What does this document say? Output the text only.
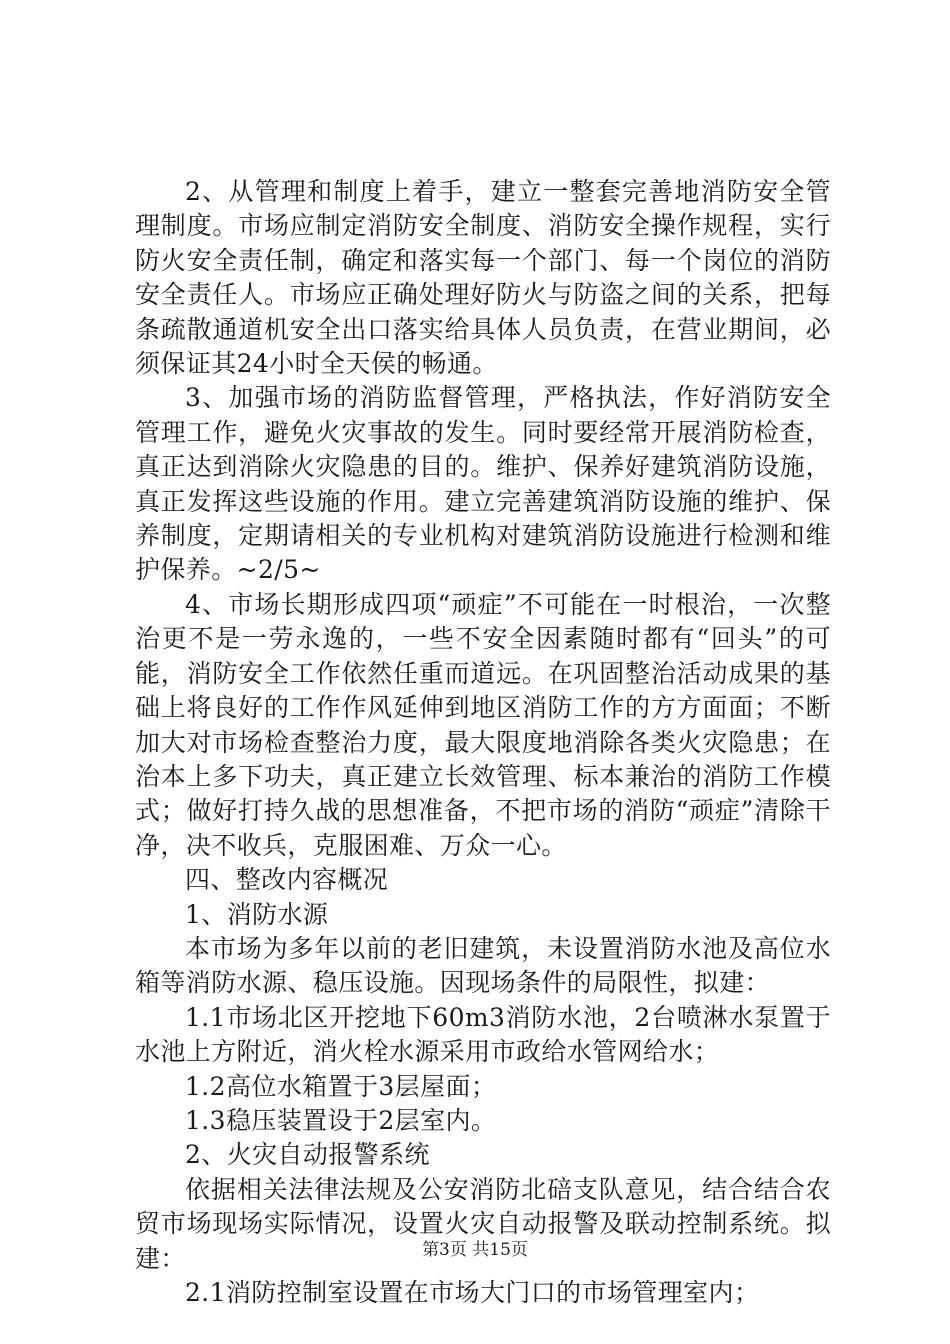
2、从管理和制度上着手，建立一整套完善地消防安全管理制度。市场应制定消防安全制度、消防安全操作规程，实行防火安全责任制，确定和落实每一个部门、每一个岗位的消防安全责任人。市场应正确处理好防火与防盗之间的关系，把每条疏散通道机安全出口落实给具体人员负责，在营业期间，必须保证其24小时全天侯的畅通。

3、加强市场的消防监督管理，严格执法，作好消防安全管理工作，避免火灾事故的发生。同时要经常开展消防检查，真正达到消除火灾隐患的目的。维护、保养好建筑消防设施，真正发挥这些设施的作用。建立完善建筑消防设施的维护、保养制度，定期请相关的专业机构对建筑消防设施进行检测和维护保养。~2/5~

4、市场长期形成四项“顽症”不可能在一时根治，一次整治更不是一劳永逸的，一些不安全因素随时都有“回头”的可能，消防安全工作依然任重而道远。在巩固整治活动成果的基础上将良好的工作作风延伸到地区消防工作的方方面面；不断加大对市场检查整治力度，最大限度地消除各类火灾隐患；在治本上多下功夫，真正建立长效管理、标本兼治的消防工作模式；做好打持久战的思想准备，不把市场的消防“顽症”清除干净，决不收兵，克服困难、万众一心。

四、整改内容概况

1、消防水源

本市场为多年以前的老旧建筑，未设置消防水池及高位水箱等消防水源、稳压设施。因现场条件的局限性，拟建：

1.1市场北区开挖地下60m3消防水池，2台喷淋水泵置于水池上方附近，消火栓水源采用市政给水管网给水；

1.2高位水箱置于3层屋面；

1.3稳压装置设于2层室内。

2、火灾自动报警系统

依据相关法律法规及公安消防北碚支队意见，结合结合农贸市场现场实际情况，设置火灾自动报警及联动控制系统。拟建：

2.1消防控制室设置在市场大门口的市场管理室内；

第3页 共15页
